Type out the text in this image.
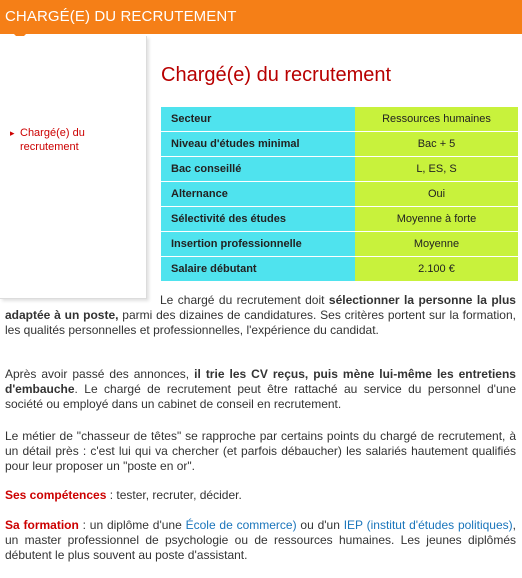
CHARGÉ(E) DU RECRUTEMENT
▸ Chargé(e) du recrutement
Chargé(e) du recrutement
Secteur	Ressources humaines
Niveau d'études minimal	Bac + 5
Bac conseillé	L, ES, S
Alternance	Oui
Sélectivité des études	Moyenne à forte
Insertion professionnelle	Moyenne
Salaire débutant	2.100 €
Le chargé du recrutement doit sélectionner la personne la plus adaptée à un poste, parmi des dizaines de candidatures. Ses critères portent sur la formation, les qualités personnelles et professionnelles, l'expérience du candidat.
Après avoir passé des annonces, il trie les CV reçus, puis mène lui-même les entretiens d'embauche. Le chargé de recrutement peut être rattaché au service du personnel d'une société ou employé dans un cabinet de conseil en recrutement.
Le métier de "chasseur de têtes" se rapproche par certains points du chargé de recrutement, à un détail près : c'est lui qui va chercher (et parfois débaucher) les salariés hautement qualifiés pour leur proposer un "poste en or".
Ses compétences : tester, recruter, décider.
Sa formation : un diplôme d'une École de commerce) ou d'un IEP (institut d'études politiques), un master professionnel de psychologie ou de ressources humaines. Les jeunes diplômés débutent le plus souvent au poste d'assistant.
